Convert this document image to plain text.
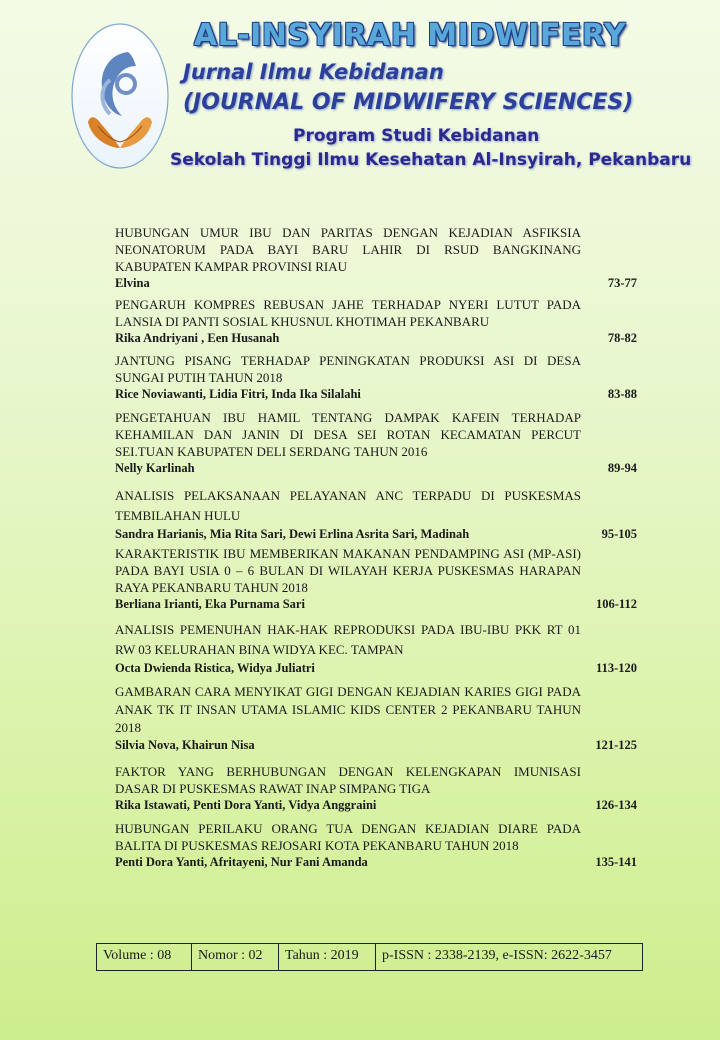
AL-INSYIRAH MIDWIFERY
Jurnal Ilmu Kebidanan
(JOURNAL OF MIDWIFERY SCIENCES)
Program Studi Kebidanan
Sekolah Tinggi Ilmu Kesehatan Al-Insyirah, Pekanbaru
HUBUNGAN UMUR IBU DAN PARITAS DENGAN KEJADIAN ASFIKSIA NEONATORUM PADA BAYI BARU LAHIR DI RSUD BANGKINANG KABUPATEN KAMPAR PROVINSI RIAU
Elvina	73-77
PENGARUH KOMPRES REBUSAN JAHE TERHADAP NYERI LUTUT PADA LANSIA DI PANTI SOSIAL KHUSNUL KHOTIMAH PEKANBARU
Rika Andriyani , Een Husanah	78-82
JANTUNG PISANG TERHADAP PENINGKATAN PRODUKSI ASI DI DESA SUNGAI PUTIH TAHUN 2018
Rice Noviawanti, Lidia Fitri, Inda Ika Silalahi	83-88
PENGETAHUAN IBU HAMIL TENTANG DAMPAK KAFEIN TERHADAP KEHAMILAN DAN JANIN DI DESA SEI ROTAN KECAMATAN PERCUT SEI.TUAN KABUPATEN DELI SERDANG TAHUN 2016
Nelly Karlinah	89-94
ANALISIS PELAKSANAAN PELAYANAN ANC TERPADU DI PUSKESMAS TEMBILAHAN HULU
Sandra Harianis, Mia Rita Sari, Dewi Erlina Asrita Sari, Madinah	95-105
KARAKTERISTIK IBU MEMBERIKAN MAKANAN PENDAMPING ASI (MP-ASI) PADA BAYI USIA 0 – 6 BULAN DI WILAYAH KERJA PUSKESMAS HARAPAN RAYA PEKANBARU TAHUN 2018
Berliana Irianti, Eka Purnama Sari	106-112
ANALISIS PEMENUHAN HAK-HAK REPRODUKSI PADA IBU-IBU PKK RT 01 RW 03 KELURAHAN BINA WIDYA KEC. TAMPAN
Octa Dwienda Ristica, Widya Juliatri	113-120
GAMBARAN CARA MENYIKAT GIGI DENGAN KEJADIAN KARIES GIGI PADA ANAK TK IT INSAN UTAMA ISLAMIC KIDS CENTER 2 PEKANBARU TAHUN 2018
Silvia Nova, Khairun Nisa	121-125
FAKTOR YANG BERHUBUNGAN DENGAN KELENGKAPAN IMUNISASI DASAR DI PUSKESMAS RAWAT INAP SIMPANG TIGA
Rika Istawati, Penti Dora Yanti, Vidya Anggraini	126-134
HUBUNGAN PERILAKU ORANG TUA DENGAN KEJADIAN DIARE PADA BALITA DI PUSKESMAS REJOSARI KOTA PEKANBARU TAHUN 2018
Penti Dora Yanti, Afritayeni, Nur Fani Amanda	135-141
Volume : 08	Nomor : 02	Tahun : 2019	p-ISSN : 2338-2139, e-ISSN: 2622-3457
